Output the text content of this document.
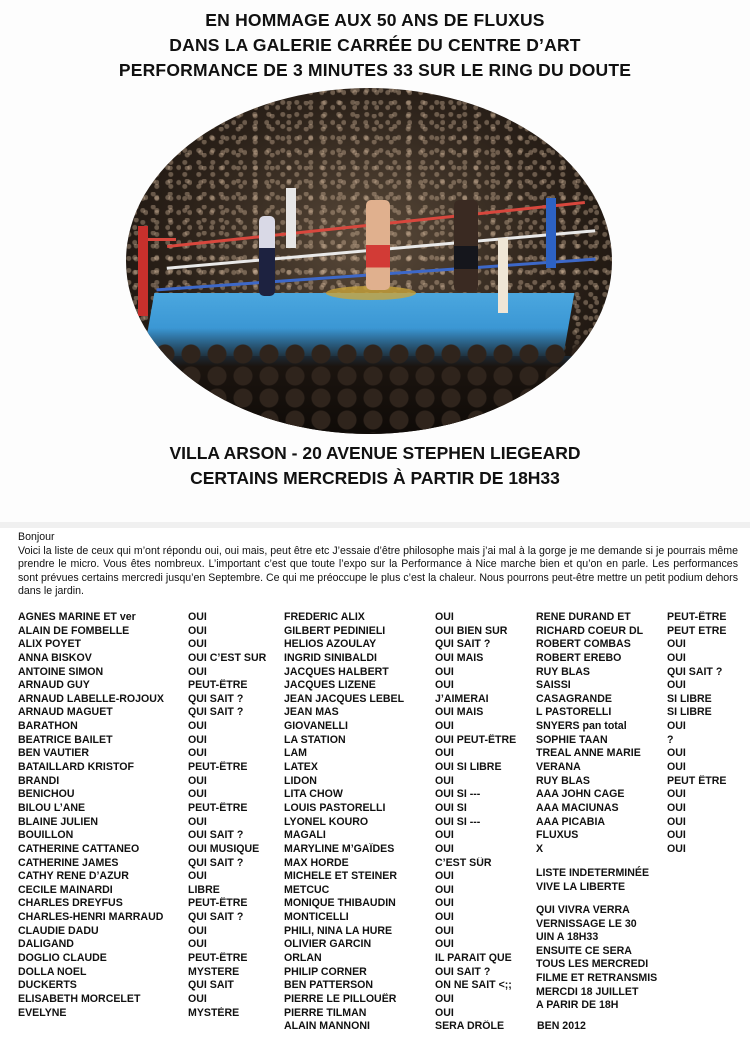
EN HOMMAGE AUX 50 ANS DE FLUXUS
DANS LA GALERIE CARRÉE DU CENTRE D’ART
PERFORMANCE DE 3 MINUTES 33 SUR LE RING DU DOUTE
VILLA ARSON - 20 AVENUE STEPHEN LIEGEARD
CERTAINS MERCREDIS À PARTIR DE 18H33
Bonjour
Voici la liste de ceux qui m’ont répondu oui, oui mais, peut être etc J’essaie d’être philosophe mais j’ai mal à la gorge je me demande si je pourrais même prendre le micro. Vous êtes nombreux. L’important c’est que toute l’expo sur la Performance à Nice marche bien et qu’on en parle. Les performances sont prévues certains mercredi jusqu’en Septembre. Ce qui me préoccupe le plus c’est la chaleur. Nous pourrons peut-être mettre un petit podium dehors dans le jardin.
AGNES MARINE ET ver
ALAIN DE FOMBELLE
ALIX POYET
ANNA BISKOV
ANTOINE SIMON
ARNAUD GUY
ARNAUD LABELLE-ROJOUX
ARNAUD MAGUET
BARATHON
BEATRICE BAILET
BEN VAUTIER
BATAILLARD KRISTOF
BRANDI
BENICHOU
BILOU L’ANE
BLAINE JULIEN
BOUILLON
CATHERINE CATTANEO
CATHERINE JAMES
CATHY RENE D’AZUR
CECILE MAINARDI
CHARLES DREYFUS
CHARLES-HENRI MARRAUD
CLAUDIE DADU
DALIGAND
DOGLIO CLAUDE
DOLLA NOEL
DUCKERTS
ELISABETH MORCELET
EVELYNE
OUI
OUI
OUI
OUI C’EST SUR
OUI
PEUT-ÊTRE
QUI SAIT ?
QUI SAIT ?
OUI
OUI
OUI
PEUT-ÊTRE
OUI
OUI
PEUT-ÊTRE
OUI
OUI SAIT ?
OUI MUSIQUE
QUI SAIT ?
OUI
LIBRE
PEUT-ÊTRE
QUI SAIT ?
OUI
OUI
PEUT-ÊTRE
MYSTERE
QUI SAIT
OUI
MYSTÈRE
FREDERIC ALIX
GILBERT PEDINIELI
HELIOS AZOULAY
INGRID SINIBALDI
JACQUES HALBERT
JACQUES LIZENE
JEAN JACQUES LEBEL
JEAN MAS
GIOVANELLI
LA STATION
LAM
LATEX
LIDON
LITA CHOW
LOUIS PASTORELLI
LYONEL KOURO
MAGALI
MARYLINE M’GAÏDES
MAX HORDE
MICHELE ET STEINER
METCUC
MONIQUE THIBAUDIN
MONTICELLI
PHILI, NINA LA HURE
OLIVIER GARCIN
ORLAN
PHILIP CORNER
BEN PATTERSON
PIERRE LE PILLOUËR
PIERRE TILMAN
ALAIN MANNONI
OUI
OUI BIEN SUR
QUI SAIT ?
OUI MAIS
OUI
OUI
J’AIMERAI
OUI MAIS
OUI
OUI PEUT-ÊTRE
OUI
OUI SI LIBRE
OUI
OUI SI ---
OUI SI
OUI SI ---
OUI
OUI
C’EST SÛR
OUI
OUI
OUI
OUI
OUI
OUI
IL PARAIT QUE
OUI SAIT ?
ON NE SAIT <;;
OUI
OUI
SERA DRÔLE
RENE DURAND ET
RICHARD COEUR DL
ROBERT COMBAS
ROBERT EREBO
RUY BLAS
SAISSI
CASAGRANDE
L PASTORELLI
SNYERS pan total
SOPHIE TAAN
TREAL ANNE MARIE
VERANA
RUY BLAS
AAA JOHN CAGE
AAA MACIUNAS
AAA PICABIA
FLUXUS
X
PEUT-ÊTRE
PEUT ETRE
OUI
OUI
QUI SAIT ?
OUI
SI LIBRE
SI LIBRE
OUI
?
OUI
OUI
PEUT ÊTRE
OUI
OUI
OUI
OUI
OUI
LISTE INDETERMINÉE
VIVE LA LIBERTE
QUI VIVRA VERRA
VERNISSAGE LE 30
UIN A 18H33
ENSUITE CE SERA
TOUS LES MERCREDI
FILME ET RETRANSMIS
MERCDI 18 JUILLET
A PARIR DE 18H
BEN 2012
